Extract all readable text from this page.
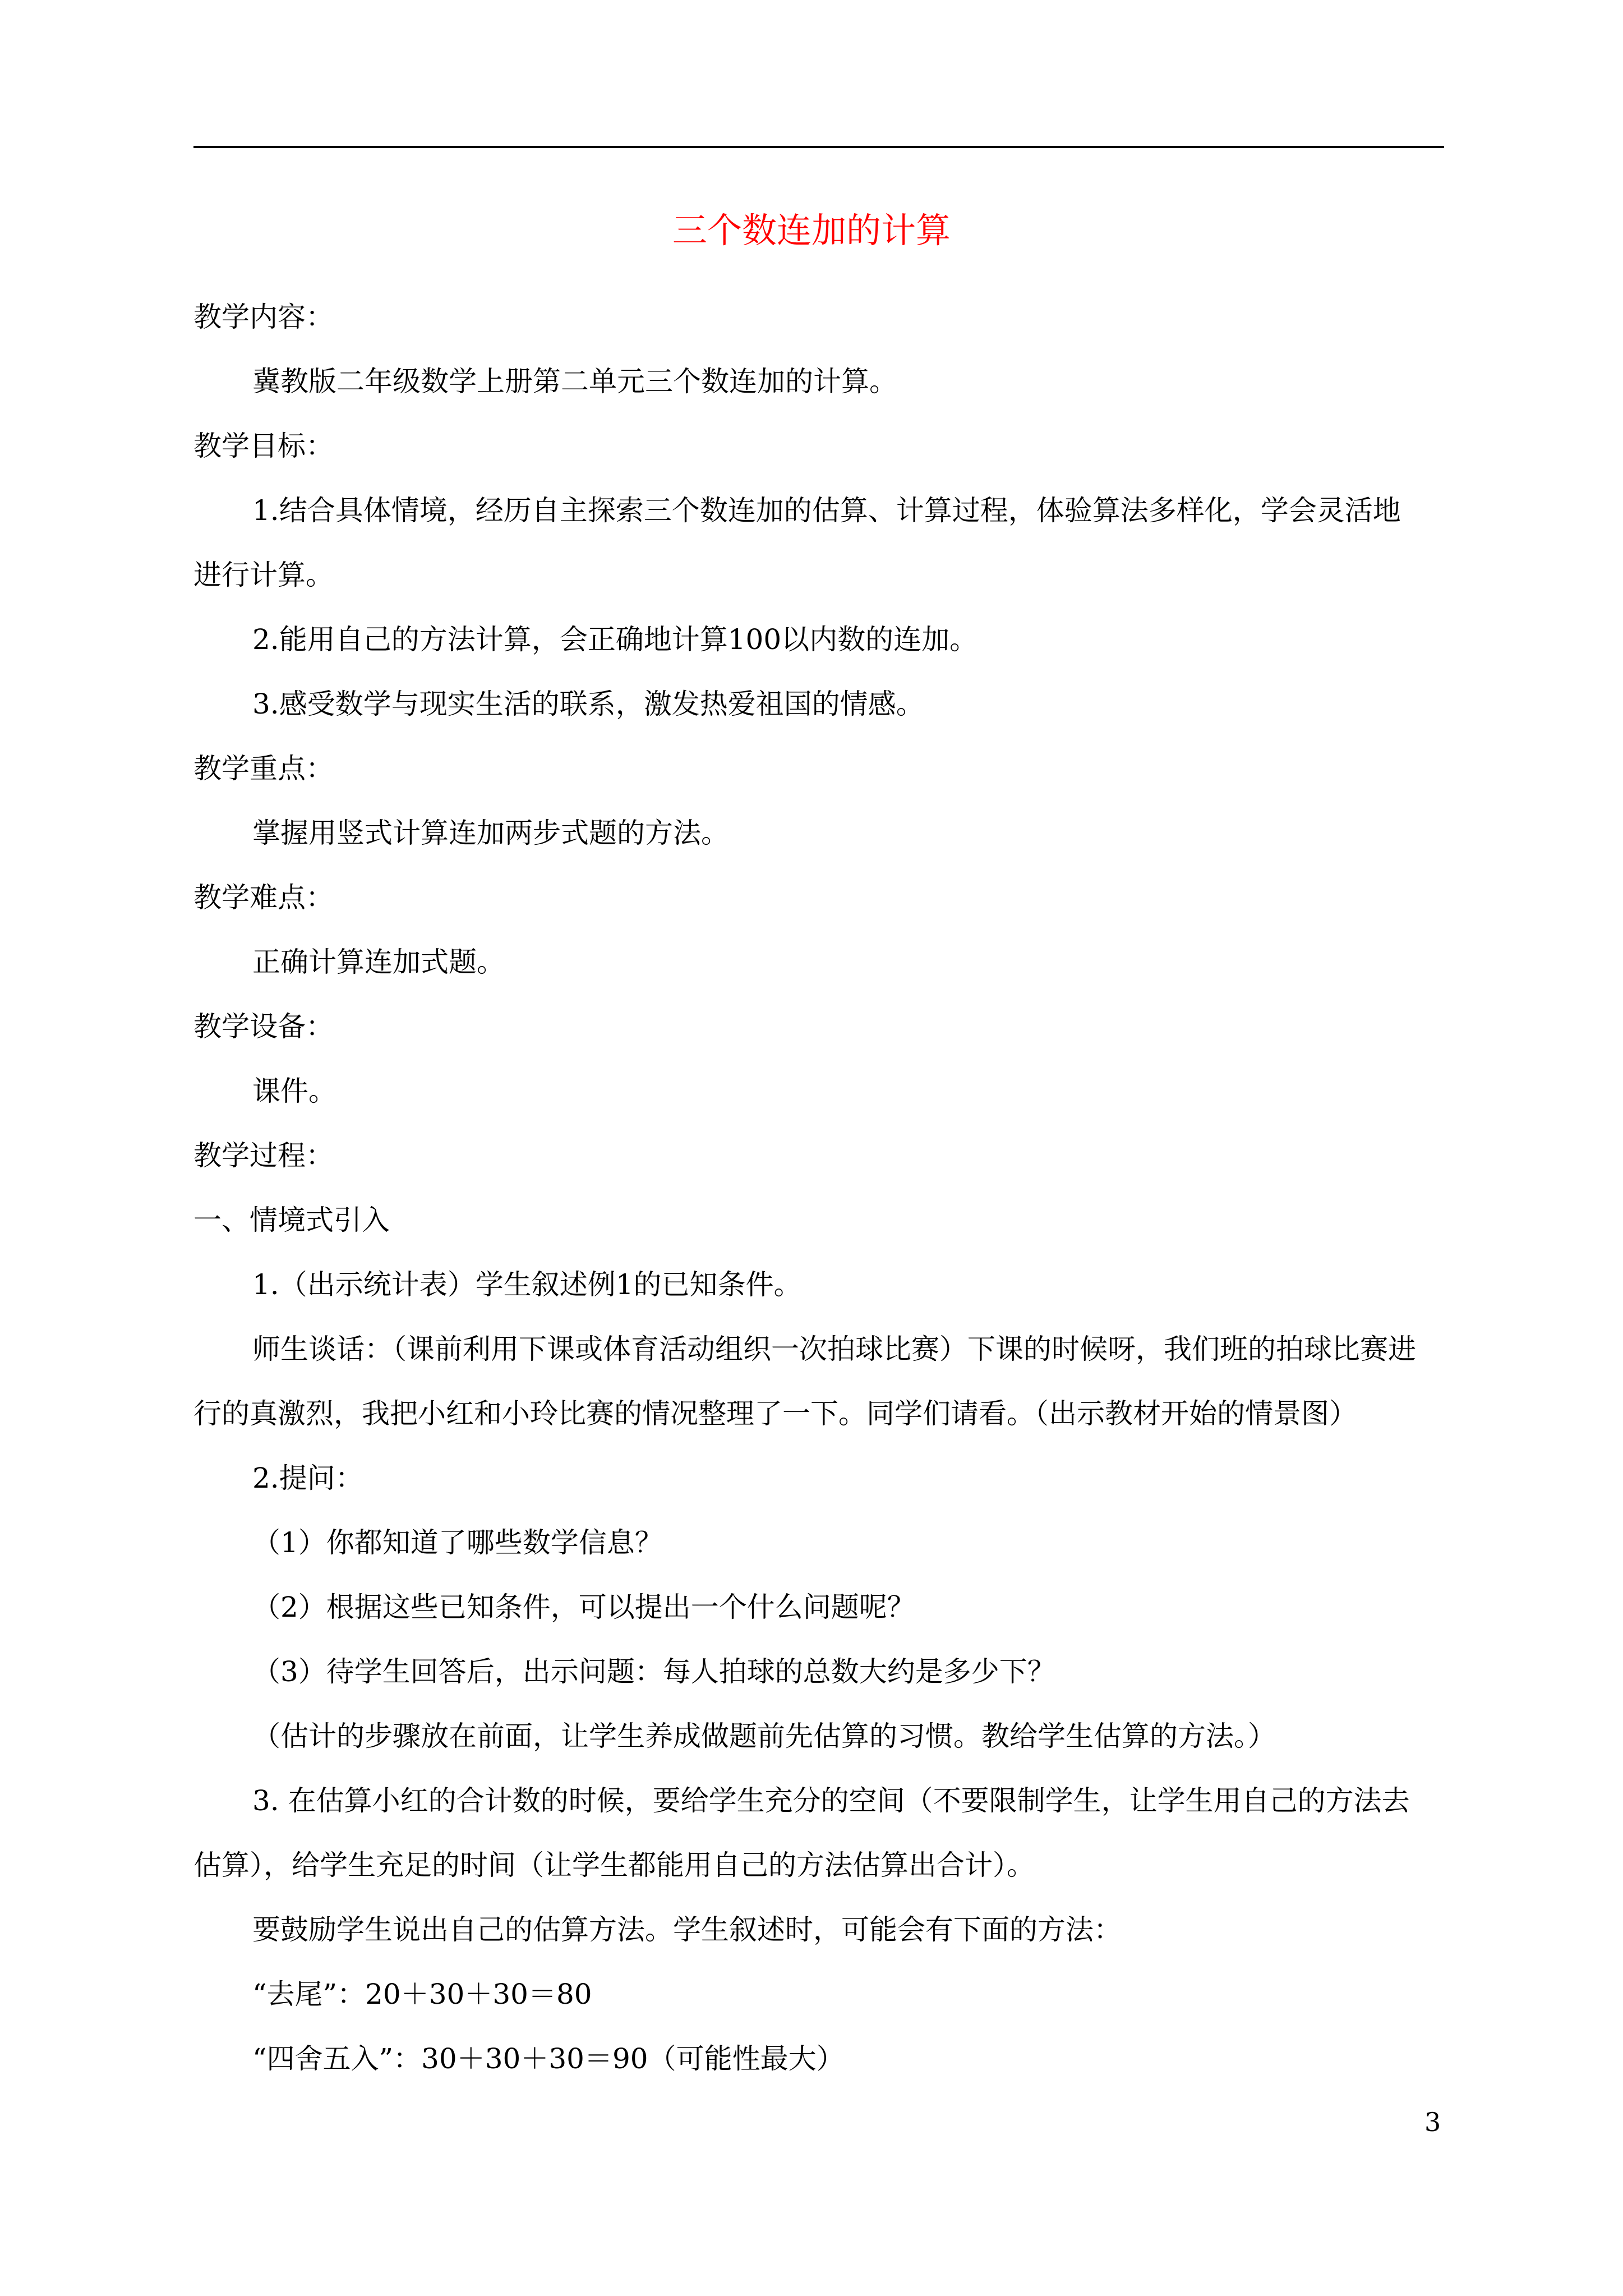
三个数连加的计算
教学内容：
冀教版二年级数学上册第二单元三个数连加的计算。
教学目标：
1.结合具体情境，经历自主探索三个数连加的估算、计算过程，体验算法多样化，学会灵活地
进行计算。
2.能用自己的方法计算，会正确地计算100以内数的连加。
3.感受数学与现实生活的联系，激发热爱祖国的情感。
教学重点：
掌握用竖式计算连加两步式题的方法。
教学难点：
正确计算连加式题。
教学设备：
课件。
教学过程：
一、情境式引入
1.（出示统计表）学生叙述例1的已知条件。
师生谈话：（课前利用下课或体育活动组织一次拍球比赛）下课的时候呀，我们班的拍球比赛进
行的真激烈，我把小红和小玲比赛的情况整理了一下。同学们请看。（出示教材开始的情景图）
2.提问：
（1）你都知道了哪些数学信息？
（2）根据这些已知条件，可以提出一个什么问题呢？
（3）待学生回答后，出示问题：每人拍球的总数大约是多少下？
（估计的步骤放在前面，让学生养成做题前先估算的习惯。教给学生估算的方法。）
3. 在估算小红的合计数的时候，要给学生充分的空间（不要限制学生，让学生用自己的方法去
估算），给学生充足的时间（让学生都能用自己的方法估算出合计）。
要鼓励学生说出自己的估算方法。学生叙述时，可能会有下面的方法：
“去尾”：20＋30＋30＝80
“四舍五入”：30＋30＋30＝90（可能性最大）
3
